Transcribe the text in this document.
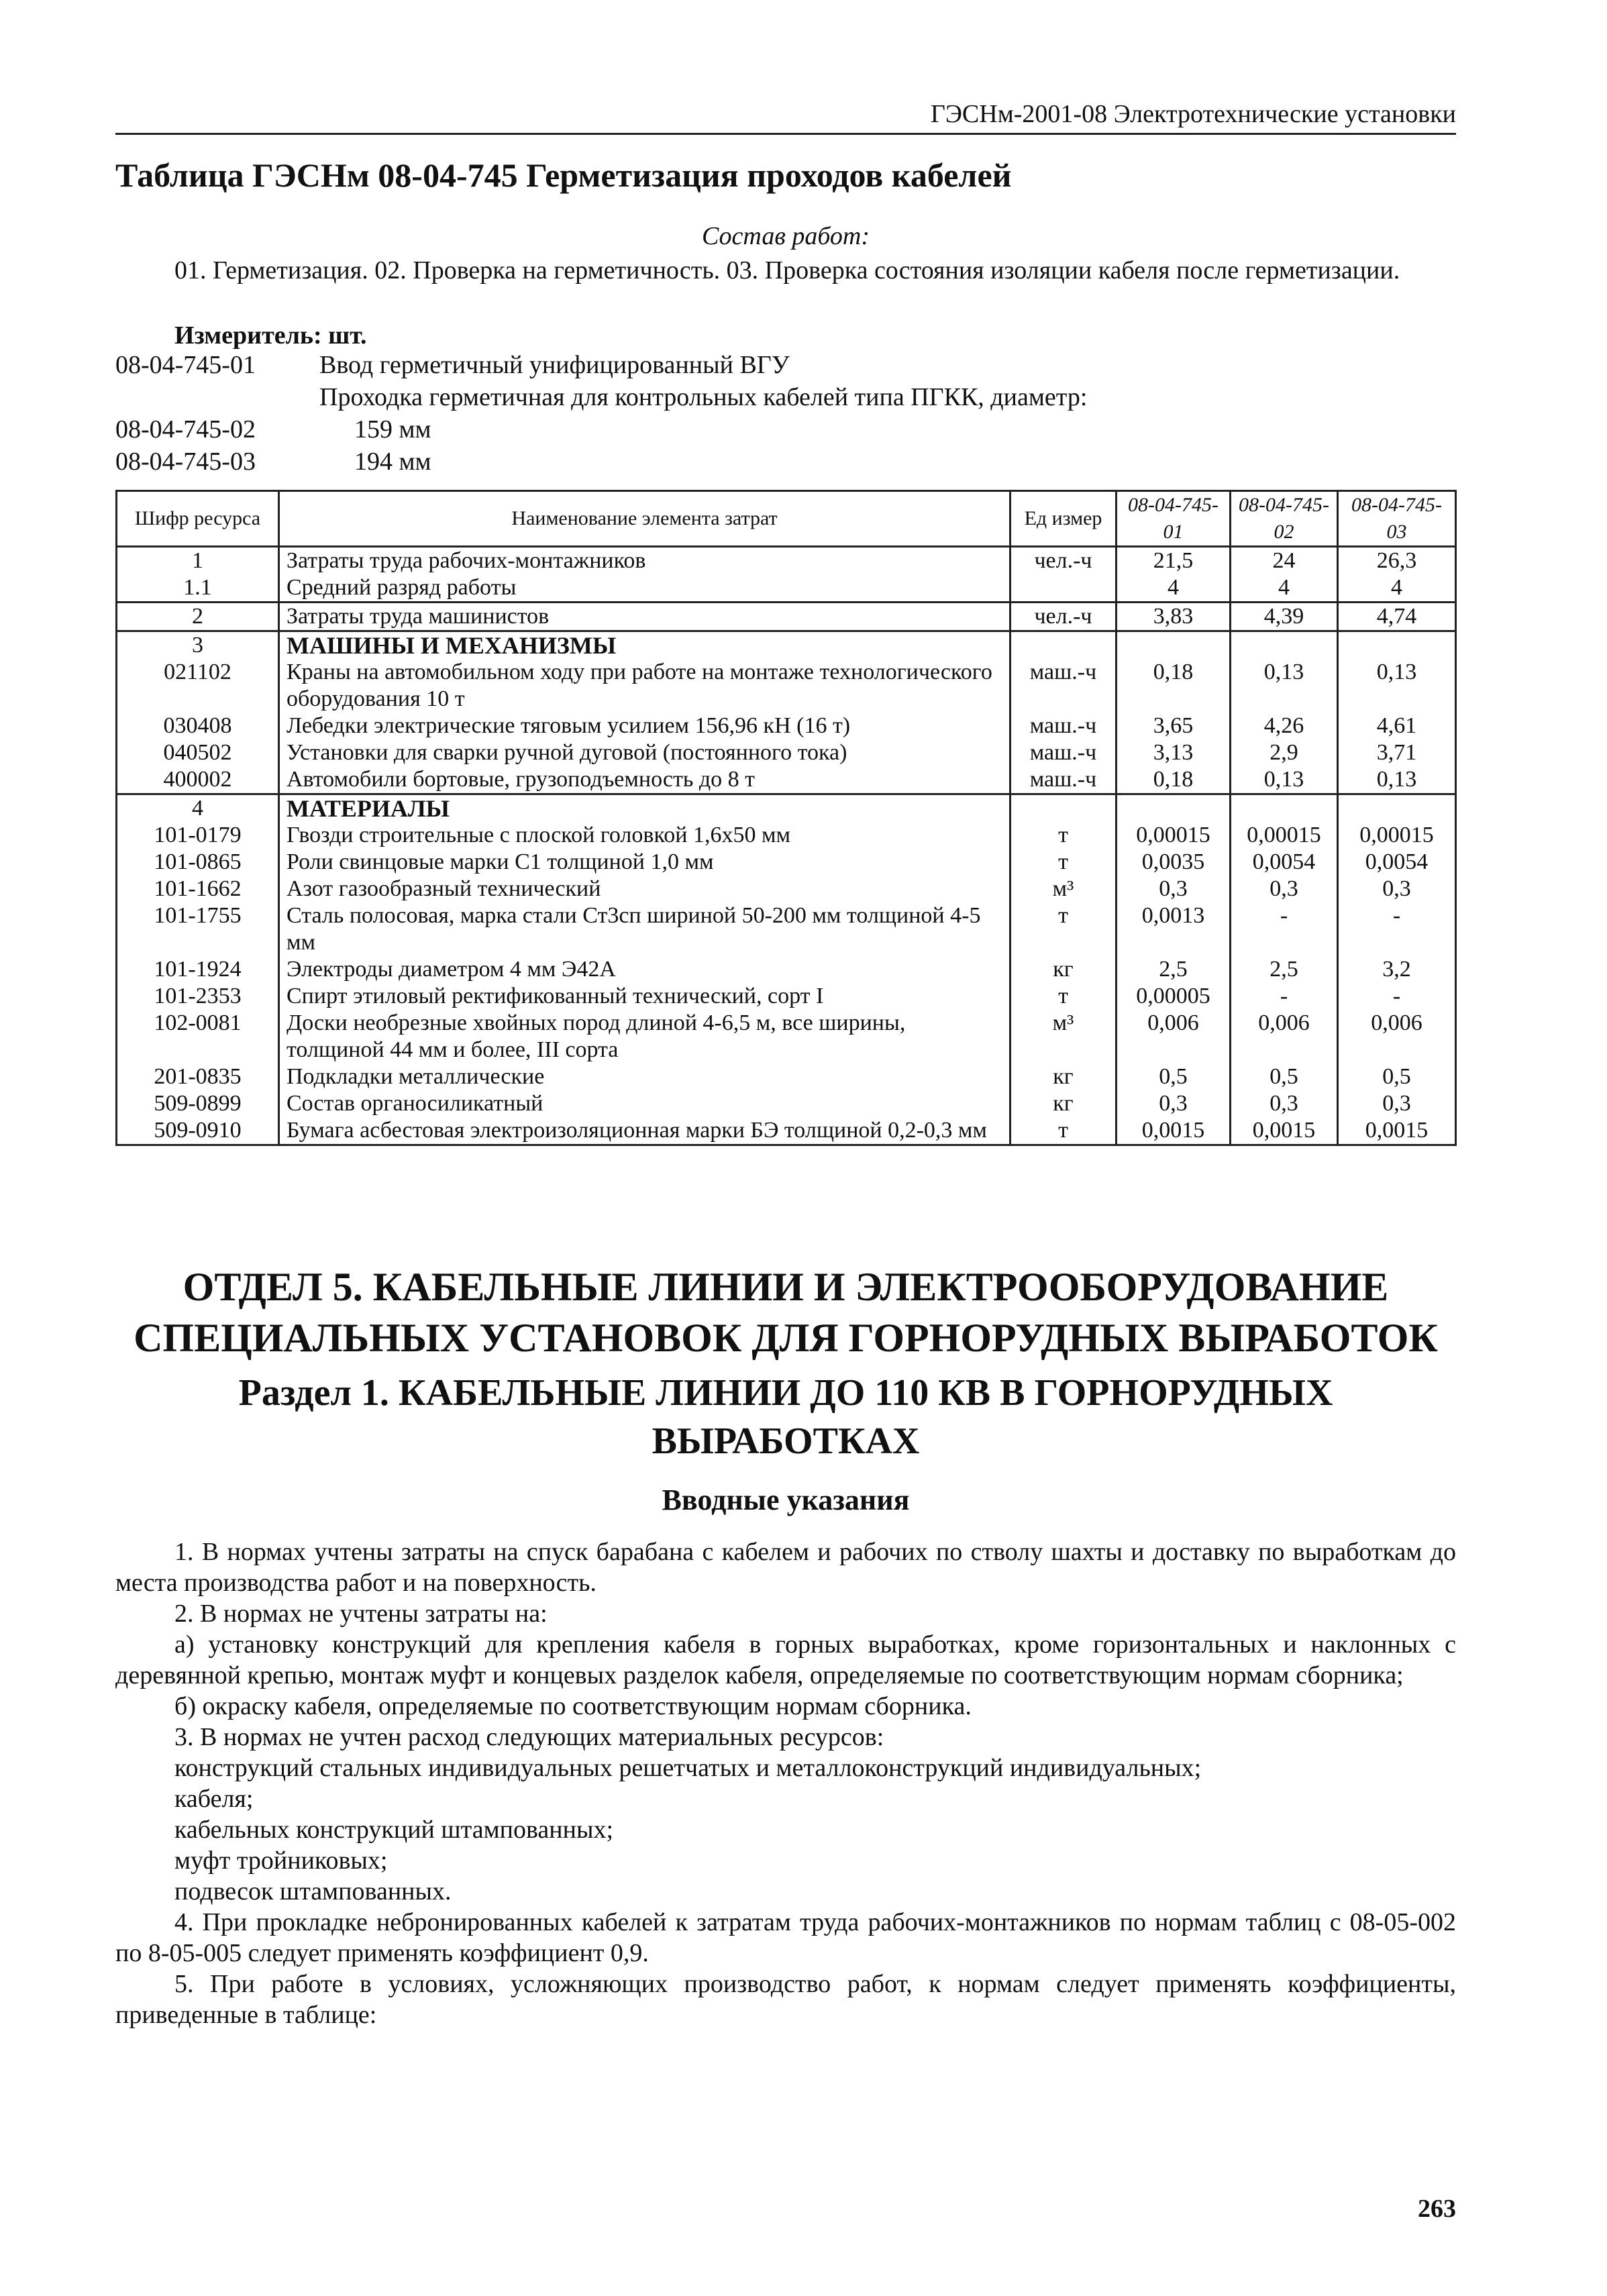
ГЭСНм-2001-08 Электротехнические установки
Таблица ГЭСНм 08-04-745 Герметизация проходов кабелей
Состав работ:
01. Герметизация. 02. Проверка на герметичность. 03. Проверка состояния изоляции кабеля после герметизации.
Измеритель: шт.
08-04-745-01	Ввод герметичный унифицированный ВГУ
Проходка герметичная для контрольных кабелей типа ПГКК, диаметр:
08-04-745-02	159 мм
08-04-745-03	194 мм
Шифр ресурса	Наименование элемента затрат	Ед измер	08-04-745-01	08-04-745-02	08-04-745-03
1	Затраты труда рабочих-монтажников	чел.-ч	21,5	24	26,3
1.1	Средний разряд работы		4	4	4
2	Затраты труда машинистов	чел.-ч	3,83	4,39	4,74
3	МАШИНЫ И МЕХАНИЗМЫ				
021102	Краны на автомобильном ходу при работе на монтаже технологического оборудования 10 т	маш.-ч	0,18	0,13	0,13
030408	Лебедки электрические тяговым усилием 156,96 кН (16 т)	маш.-ч	3,65	4,26	4,61
040502	Установки для сварки ручной дуговой (постоянного тока)	маш.-ч	3,13	2,9	3,71
400002	Автомобили бортовые, грузоподъемность до 8 т	маш.-ч	0,18	0,13	0,13
4	МАТЕРИАЛЫ				
101-0179	Гвозди строительные с плоской головкой 1,6х50 мм	т	0,00015	0,00015	0,00015
101-0865	Роли свинцовые марки С1 толщиной 1,0 мм	т	0,0035	0,0054	0,0054
101-1662	Азот газообразный технический	м³	0,3	0,3	0,3
101-1755	Сталь полосовая, марка стали Ст3сп шириной 50-200 мм толщиной 4-5 мм	т	0,0013	-	-
101-1924	Электроды диаметром 4 мм Э42А	кг	2,5	2,5	3,2
101-2353	Спирт этиловый ректификованный технический, сорт I	т	0,00005	-	-
102-0081	Доски необрезные хвойных пород длиной 4-6,5 м, все ширины, толщиной 44 мм и более, III сорта	м³	0,006	0,006	0,006
201-0835	Подкладки металлические	кг	0,5	0,5	0,5
509-0899	Состав органосиликатный	кг	0,3	0,3	0,3
509-0910	Бумага асбестовая электроизоляционная марки БЭ толщиной 0,2-0,3 мм	т	0,0015	0,0015	0,0015
ОТДЕЛ 5. КАБЕЛЬНЫЕ ЛИНИИ И ЭЛЕКТРООБОРУДОВАНИЕ СПЕЦИАЛЬНЫХ УСТАНОВОК ДЛЯ ГОРНОРУДНЫХ ВЫРАБОТОК
Раздел 1. КАБЕЛЬНЫЕ ЛИНИИ ДО 110 КВ В ГОРНОРУДНЫХ ВЫРАБОТКАХ
Вводные указания

1. В нормах учтены затраты на спуск барабана с кабелем и рабочих по стволу шахты и доставку по выработкам до места производства работ и на поверхность.

2. В нормах не учтены затраты на:

а) установку конструкций для крепления кабеля в горных выработках, кроме горизонтальных и наклонных с деревянной крепью, монтаж муфт и концевых разделок кабеля, определяемые по соответствующим нормам сборника;

б) окраску кабеля, определяемые по соответствующим нормам сборника.

3. В нормах не учтен расход следующих материальных ресурсов:

конструкций стальных индивидуальных решетчатых и металлоконструкций индивидуальных;

кабеля;

кабельных конструкций штампованных;

муфт тройниковых;

подвесок штампованных.

4. При прокладке небронированных кабелей к затратам труда рабочих-монтажников по нормам таблиц с 08-05-002 по 8-05-005 следует применять коэффициент 0,9.

5. При работе в условиях, усложняющих производство работ, к нормам следует применять коэффициенты, приведенные в таблице:

263
